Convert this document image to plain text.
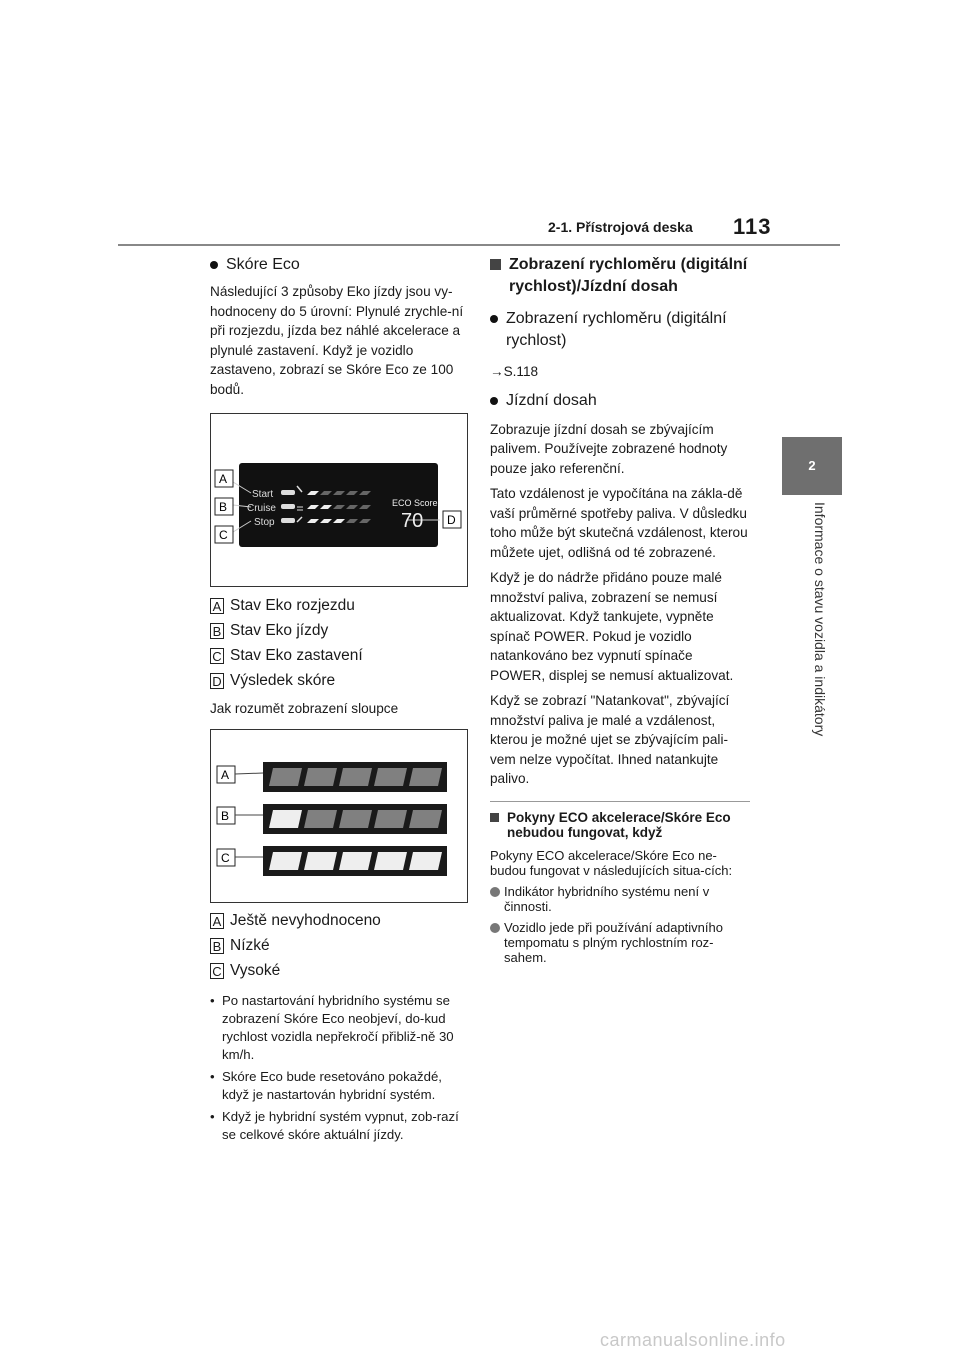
2-1. Přístrojová deska 113
2
Informace o stavu vozidla a indikátory
Skóre Eco

Následující 3 způsoby Eko jízdy jsou vy-hodnoceny do 5 úrovní: Plynulé zrychle-ní při rozjezdu, jízda bez náhlé akcelerace a plynulé zastavení. Když je vozidlo zastaveno, zobrazí se Skóre Eco ze 100 bodů.

Start
Cruise
Stop
ECO Score
70
A
B
C
D
A Stav Eko rozjezdu
B Stav Eko jízdy
C Stav Eko zastavení
D Výsledek skóre

Jak rozumět zobrazení sloupce

A
B
C
A Ještě nevyhodnoceno
B Nízké
C Vysoké
• Po nastartování hybridního systému se zobrazení Skóre Eco neobjeví, do-kud rychlost vozidla nepřekročí přibliž-ně 30 km/h.
• Skóre Eco bude resetováno pokaždé, když je nastartován hybridní systém.
• Když je hybridní systém vypnut, zob-razí se celkové skóre aktuální jízdy.
Zobrazení rychloměru (digitální rychlost)/Jízdní dosah
Zobrazení rychloměru (digitální rychlost)

→S.118

Jízdní dosah

Zobrazuje jízdní dosah se zbývajícím palivem. Používejte zobrazené hodnoty pouze jako referenční.

Tato vzdálenost je vypočítána na zákla-dě vaší průměrné spotřeby paliva. V důsledku toho může být skutečná vzdálenost, kterou můžete ujet, odlišná od té zobrazené.

Když je do nádrže přidáno pouze malé množství paliva, zobrazení se nemusí aktualizovat. Když tankujete, vypněte spínač POWER. Pokud je vozidlo natankováno bez vypnutí spínače POWER, displej se nemusí aktualizovat.

Když se zobrazí "Natankovat", zbývající množství paliva je malé a vzdálenost, kterou je možné ujet se zbývajícím pali-vem nelze vypočítat. Ihned natankujte palivo.

Pokyny ECO akcelerace/Skóre Eco nebudou fungovat, když

Pokyny ECO akcelerace/Skóre Eco ne-budou fungovat v následujících situa-cích:

Indikátor hybridního systému není v činnosti.
Vozidlo jede při používání adaptivního tempomatu s plným rychlostním roz-sahem.
carmanualsonline.info
